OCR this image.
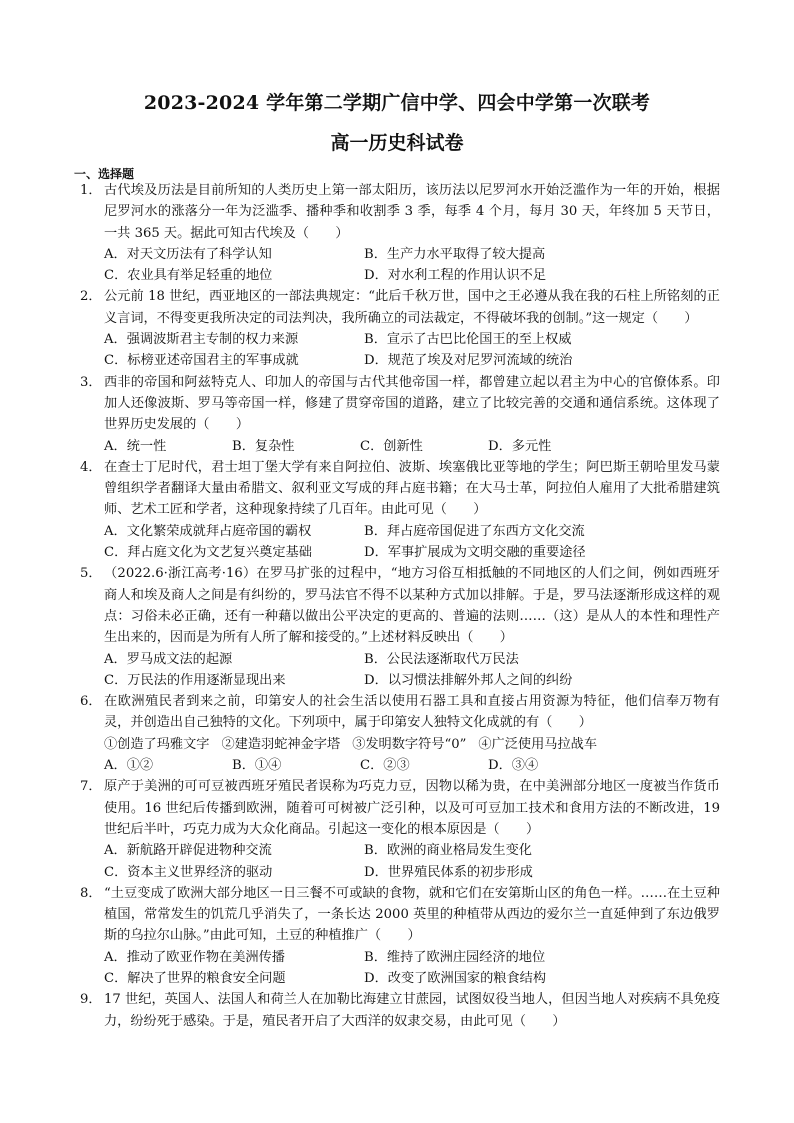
2023-2024 学年第二学期广信中学、四会中学第一次联考
高一历史科试卷
一、选择题
1． 古代埃及历法是目前所知的人类历史上第一部太阳历，该历法以尼罗河水开始泛滥作为一年的开始，根据尼罗河水的涨落分一年为泛滥季、播种季和收割季 3 季，每季 4 个月，每月 30 天，年终加 5 天节日，一共 365 天。据此可知古代埃及（　　）
A．对天文历法有了科学认知	B．生产力水平取得了较大提高
C．农业具有举足轻重的地位	D．对水利工程的作用认识不足
2． 公元前 18 世纪，西亚地区的一部法典规定：“此后千秋万世，国中之王必遵从我在我的石柱上所铭刻的正义言词，不得变更我所决定的司法判决，我所确立的司法裁定，不得破坏我的创制。”这一规定（　　）
A．强调波斯君主专制的权力来源	B．宣示了古巴比伦国王的至上权威
C．标榜亚述帝国君主的军事成就	D．规范了埃及对尼罗河流域的统治
3． 西非的帝国和阿兹特克人、印加人的帝国与古代其他帝国一样，都曾建立起以君主为中心的官僚体系。印加人还像波斯、罗马等帝国一样，修建了贯穿帝国的道路，建立了比较完善的交通和通信系统。这体现了世界历史发展的（　　）
A．统一性	B．复杂性	C．创新性	D．多元性
4． 在查士丁尼时代，君士坦丁堡大学有来自阿拉伯、波斯、埃塞俄比亚等地的学生；阿巴斯王朝哈里发马蒙曾组织学者翻译大量由希腊文、叙利亚文写成的拜占庭书籍；在大马士革，阿拉伯人雇用了大批希腊建筑师、艺术工匠和学者，这种现象持续了几百年。由此可见（　　）
A．文化繁荣成就拜占庭帝国的霸权	B．拜占庭帝国促进了东西方文化交流
C．拜占庭文化为文艺复兴奠定基础	D．军事扩展成为文明交融的重要途径
5． （2022.6·浙江高考·16）在罗马扩张的过程中，“地方习俗互相抵触的不同地区的人们之间，例如西班牙商人和埃及商人之间是有纠纷的，罗马法官不得不以某种方式加以排解。于是，罗马法逐渐形成这样的观点：习俗未必正确，还有一种藉以做出公平决定的更高的、普遍的法则……（这）是从人的本性和理性产生出来的，因而是为所有人所了解和接受的。”上述材料反映出（　　）
A．罗马成文法的起源	B．公民法逐渐取代万民法
C．万民法的作用逐渐显现出来	D．以习惯法排解外邦人之间的纠纷
6． 在欧洲殖民者到来之前，印第安人的社会生活以使用石器工具和直接占用资源为特征，他们信奉万物有灵，并创造出自己独特的文化。下列项中，属于印第安人独特文化成就的有（　　）
①创造了玛雅文字 ②建造羽蛇神金字塔 ③发明数字符号“0” ④广泛使用马拉战车
A．①②	B．①④	C．②③	D．③④
7． 原产于美洲的可可豆被西班牙殖民者误称为巧克力豆，因物以稀为贵，在中美洲部分地区一度被当作货币使用。16 世纪后传播到欧洲，随着可可树被广泛引种，以及可可豆加工技术和食用方法的不断改进，19 世纪后半叶，巧克力成为大众化商品。引起这一变化的根本原因是（　　）
A．新航路开辟促进物种交流	B．欧洲的商业格局发生变化
C．资本主义世界经济的驱动	D．世界殖民体系的初步形成
8． “土豆变成了欧洲大部分地区一日三餐不可或缺的食物，就和它们在安第斯山区的角色一样。……在土豆种植国，常常发生的饥荒几乎消失了，一条长达 2000 英里的种植带从西边的爱尔兰一直延伸到了东边俄罗斯的乌拉尔山脉。”由此可知，土豆的种植推广（　　）
A．推动了欧亚作物在美洲传播	B．维持了欧洲庄园经济的地位
C．解决了世界的粮食安全问题	D．改变了欧洲国家的粮食结构
9． 17 世纪，英国人、法国人和荷兰人在加勒比海建立甘蔗园，试图奴役当地人，但因当地人对疾病不具免疫力，纷纷死于感染。于是，殖民者开启了大西洋的奴隶交易，由此可见（　　）
